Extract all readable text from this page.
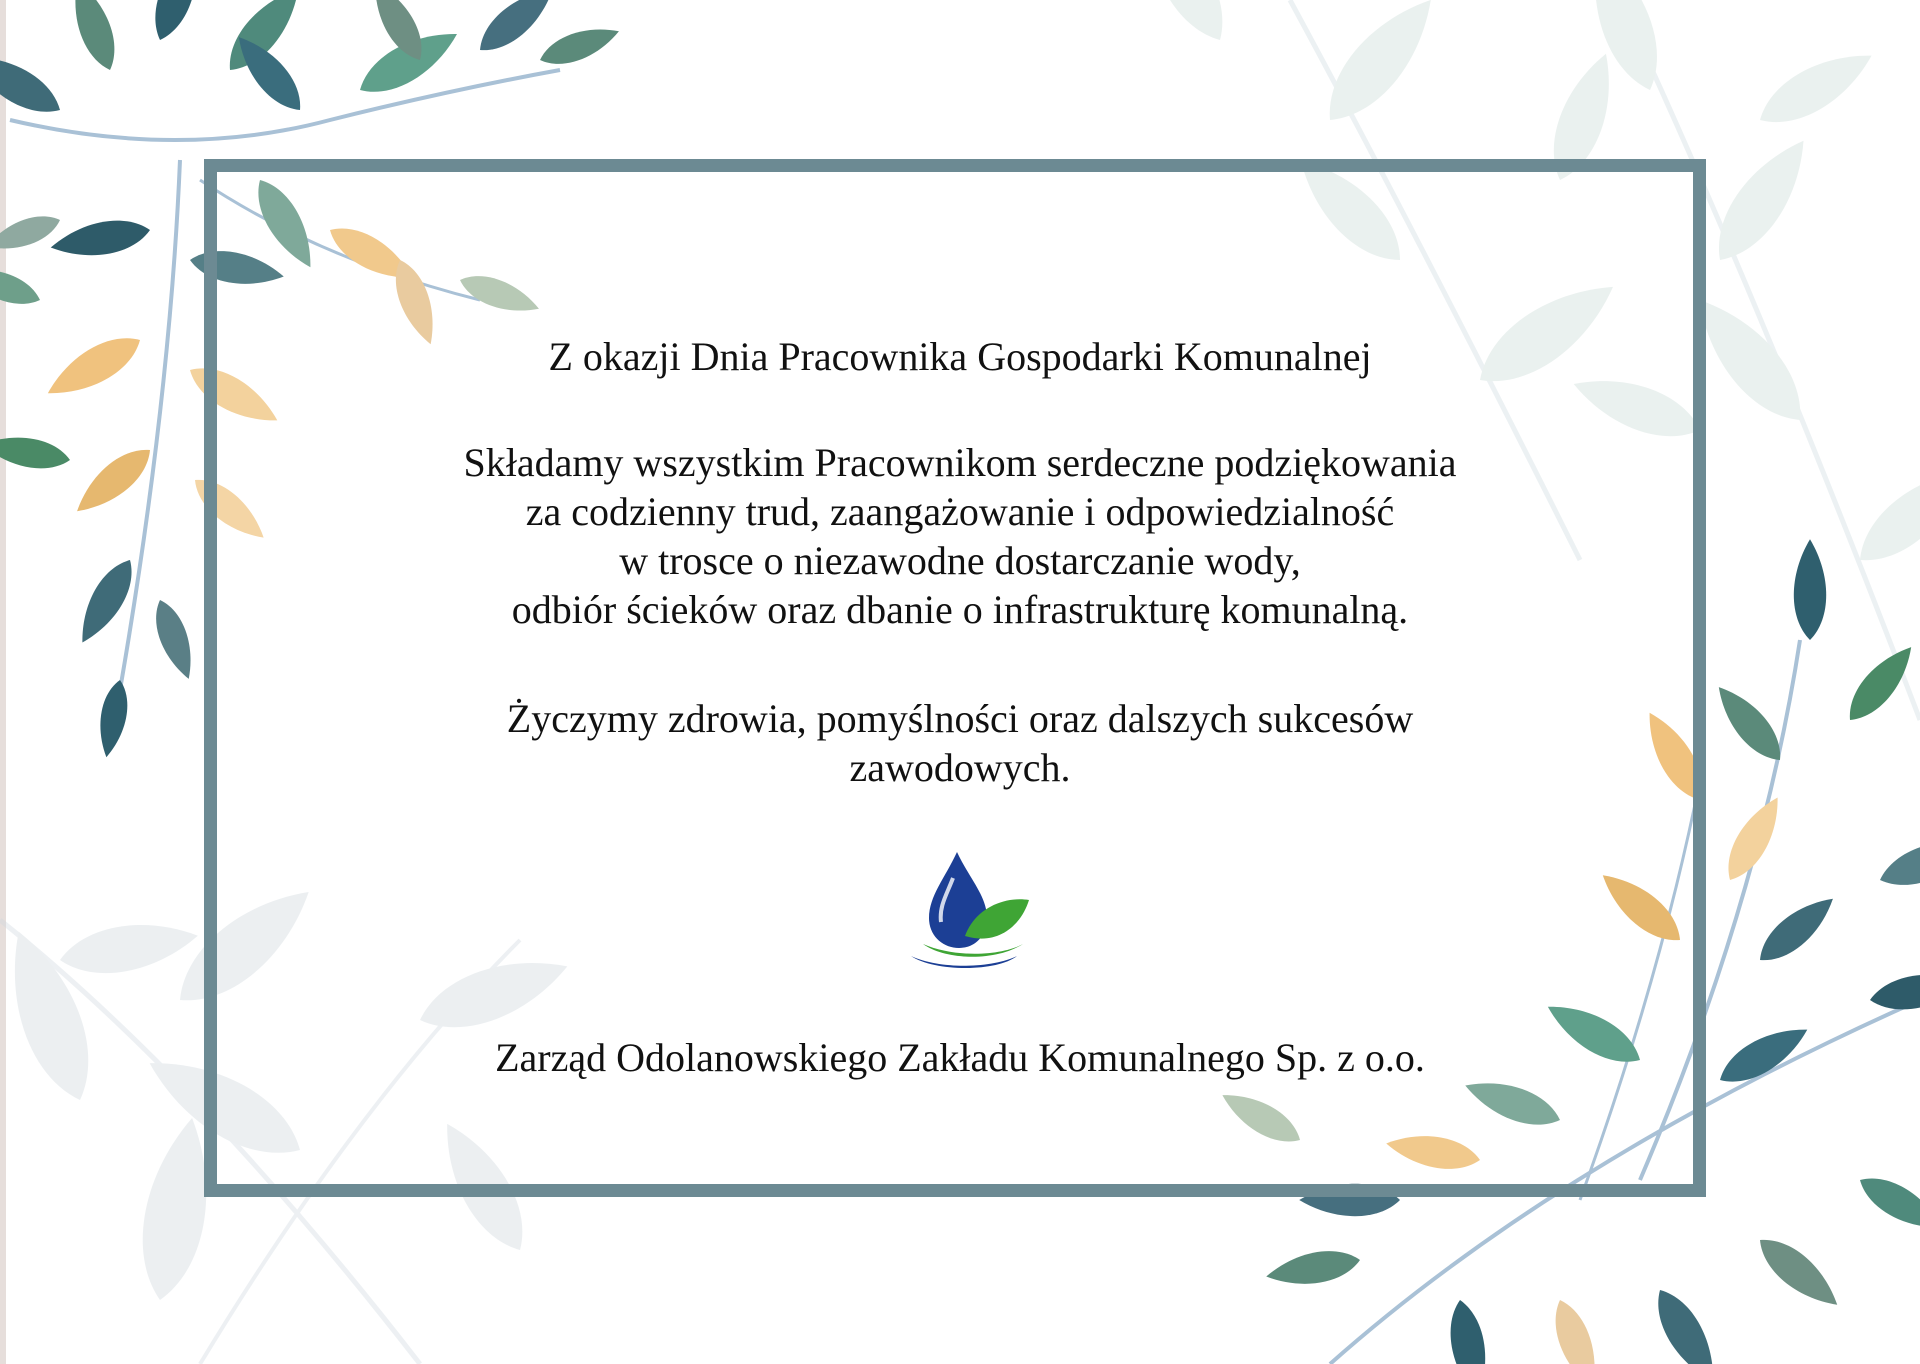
Z okazji Dnia Pracownika Gospodarki Komunalnej

Składamy wszystkim Pracownikom serdeczne podziękowania
za codzienny trud, zaangażowanie i odpowiedzialność
w trosce o niezawodne dostarczanie wody,
odbiór ścieków oraz dbanie o infrastrukturę komunalną.

Życzymy zdrowia, pomyślności oraz dalszych sukcesów
zawodowych.

Zarząd Odolanowskiego Zakładu Komunalnego Sp. z o.o.
